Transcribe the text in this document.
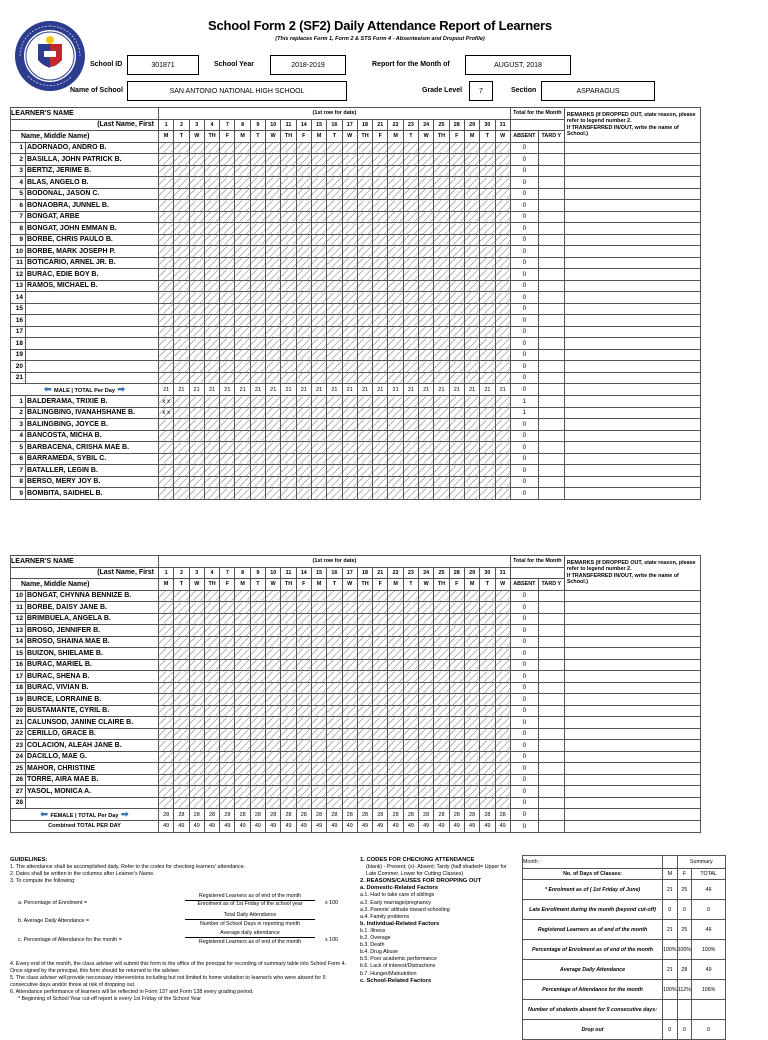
School Form 2 (SF2) Daily Attendance Report of Learners
(This replaces Form 1, Form 2 & STS Form 4 - Absenteeism and Dropout Profile)
School ID	301871	School Year	2018-2019	Report for the Month of	AUGUST, 2018
Name of School	SAN ANTONIO NATIONAL HIGH SCHOOL	Grade Level	7	Section	ASPARAGUS
LEARNER'S NAME		(1st row for date)																							Total for the Month		REMARKS (If DROPPED OUT, state reason, please refer to legend number 2.
If TRANSFERRED IN/OUT, write the name of School.)

(Last Name, First		1	2	3	4	7	8	9	10	11	14	15	16	17	18	21	22	23	24	25	28	29	30	31			
Name, Middle Name)		M	T	W	TH	F	M	T	W	TH	F	M	T	W	TH	F	M	T	W	TH	F	M	T	W	ABSENT	TARD Y	
1	ADORNADO, ANDRO B.																								0		
2	BASILLA, JOHN PATRICK B.																								0		
3	BERTIZ, JERIME B.																								0		
4	BLAS, ANGELO B.																								0		
5	BODONAL, JASON C.																								0		
6	BONAOBRA, JUNNEL B.																								0		
7	BONGAT, ARBE																								0		
8	BONGAT, JOHN EMMAN B.																								0		
9	BORBE, CHRIS PAULO B.																								0		
10	BORBE, MARK JOSEPH P.																								0		
11	BOTICARIO, ARNEL JR. B.																								0		
12	BURAC, EDIE BOY B.																								0		
13	RAMOS, MICHAEL B.																								0		
14																									0		
15																									0		
16																									0		
17																									0		
18																									0		
19																									0		
20																									0		
21																									0		
⬅ MALE | TOTAL Per Day ➡		21	21	21	21	21	21	21	21	21	21	21	21	21	21	21	21	21	21	21	21	21	21	21	0		
1	BALDERAMA, TRIXIE B.	x x																							1		
2	BALINGBING, IVANAHSHANE B.	x x																							1		
3	BALINGBING, JOYCE B.																								0		
4	BANCOSTA, MICHA B.																								0		
5	BARBACENA, CRISHA MAE B.																								0		
6	BARRAMEDA, SYBIL C.																								0		
7	BATALLER, LEGIN B.																								0		
8	BERSO, MERY JOY B.																								0		
9	BOMBITA, SAIDHEL B.																								0		
LEARNER'S NAME		(1st row for date)																							Total for the Month		REMARKS (If DROPPED OUT, state reason, please refer to legend number 2.
If TRANSFERRED IN/OUT, write the name of School.)

(Last Name, First		1	2	3	4	7	8	9	10	11	14	15	16	17	18	21	22	23	24	25	28	29	30	31			
Name, Middle Name)		M	T	W	TH	F	M	T	W	TH	F	M	T	W	TH	F	M	T	W	TH	F	M	T	W	ABSENT	TARD Y	
10	BONGAT, CHYNNA BENNIZE B.																								0		
11	BORBE, DAISY JANE B.																								0		
12	BRIMBUELA, ANGELA B.																								0		
13	BROSO, JENNIFER B.																								0		
14	BROSO, SHAINA MAE B.																								0		
15	BUIZON, SHIELAME B.																								0		
16	BURAC, MARIEL B.																								0		
17	BURAC, SHENA B.																								0		
18	BURAC, VIVIAN B.																								0		
19	BURCE, LORRAINE B.																								0		
20	BUSTAMANTE, CYRIL B.																								0		
21	CALUNSOD, JANINE CLAIRE B.																								0		
22	CERILLO, GRACE B.																								0		
23	COLACION, ALEAH JANE B.																								0		
24	DACILLO, MAE G.																								0		
25	MAHOR, CHRISTINE																								0		
26	TORRE, AIRA MAE B.																								0		
27	YASOL, MONICA A.																								0		
28																									0		
⬅ FEMALE | TOTAL Per Day ➡		28	28	28	28	28	28	28	28	28	28	28	28	28	28	28	28	28	28	28	28	28	28	28	0		
Combined TOTAL PER DAY		49	49	49	49	49	49	49	49	49	49	49	49	49	49	49	49	49	49	49	49	49	49	49	0		
GUIDELINES:
1. The attendance shall be accomplished daily. Refer to the codes for checking learners' attendance.
2. Dates shall be written in the columns after Learner's Name.
3. To compute the following:
a. Percentage of Enrolment =
Registered Learners as of end of the month
Enrolment as of 1st Friday of the school year	x 100
b. Average Daily Attendance =
Total Daily Attendance
Number of School Days in reporting month
c. Percentage of Attendance for the month =
Average daily attendance
Registered Learners as of end of the month	x 100
4. Every end of the month, the class adviser will submit this form to the office of the principal for recording of summary table into School Form 4. Once signed by the principal, this form should be returned to the adviser.
5. The class adviser will provide neccessary interventions including but not limited to home visitation to learner/s who were absent for 5 consecutive days and/or those at risk of dropping out.
6. Attendance performance of learners will be reflected in Form 137 and Form 138 every grading period.
* Beginning of School Year cut-off report is every 1st Friday of the School Year
1. CODES FOR CHECKING ATTENDANCE
(blank) - Present; (x)- Absent; Tardy (half shaded= Upper for Late Commer, Lower for Cutting Classes)
2. REASONS/CAUSES FOR DROPPING OUT
a. Domestic-Related Factors
a.1. Had to take care of siblings
a.2. Early marriage/pregnancy
a.3. Parents' attitude toward schooling
a.4. Family problems
b. Individual-Related Factors
b.1. Illness
b.2. Overage
b.3. Death
b.4. Drug Abuse
b.5. Poor academic performance
b.6. Lack of interest/Distractions
b.7. Hunger/Malnutrition
c. School-Related Factors
Month :		Summary	
No. of Days of Classes:	M	F	TOTAL
* Enrolment as of ( 1st Friday of June)	21	25	46
Late Enrollment during the month (beyond cut-off)	0	0	0
Registered Learners as of end of the month	21	25	46
Percentage of Enrolment as of end of the month	100%	100%	100%
Average Daily Attendance	21	28	49
Percentage of Attendance for the month	100%	112%	106%
Number of students absent for 5 consecutive days:			
Drop out	0	0	0
